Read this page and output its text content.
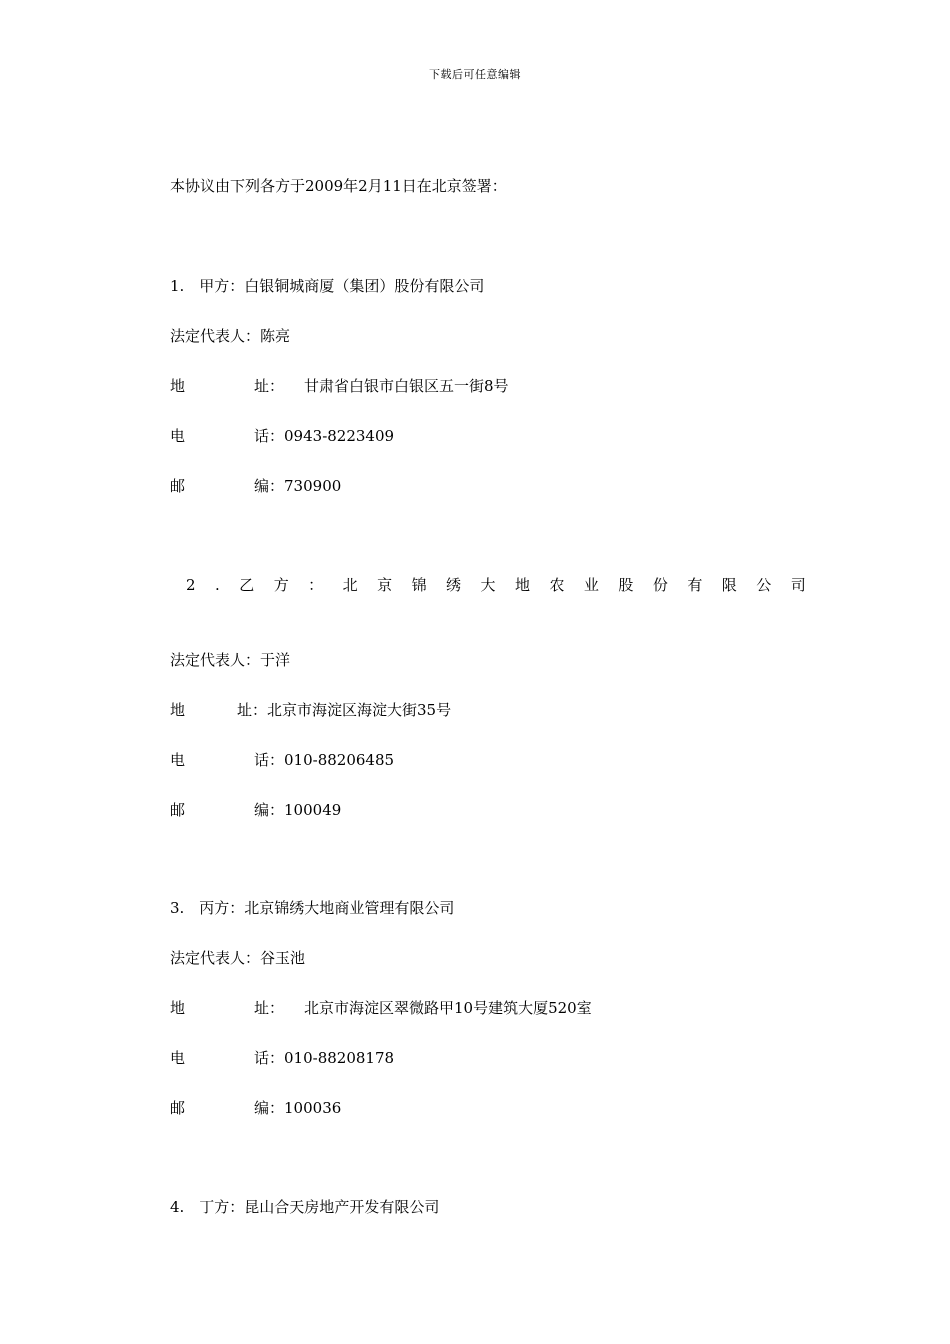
下载后可任意编辑
本协议由下列各方于2009年2月11日在北京签署：
1.　甲方：白银铜城商厦（集团）股份有限公司
法定代表人：陈亮
地	址： 甘肃省白银市白银区五一街8号
电	话：0943-8223409
邮	编：730900
2 . 乙 方 ： 北 京 锦 绣 大 地 农 业 股 份 有 限 公 司
法定代表人：于洋
地	址：北京市海淀区海淀大街35号
电	话：010-88206485
邮	编：100049
3.　丙方：北京锦绣大地商业管理有限公司
法定代表人：谷玉池
地	址： 北京市海淀区翠微路甲10号建筑大厦520室
电	话：010-88208178
邮	编：100036
4.　丁方：昆山合天房地产开发有限公司
